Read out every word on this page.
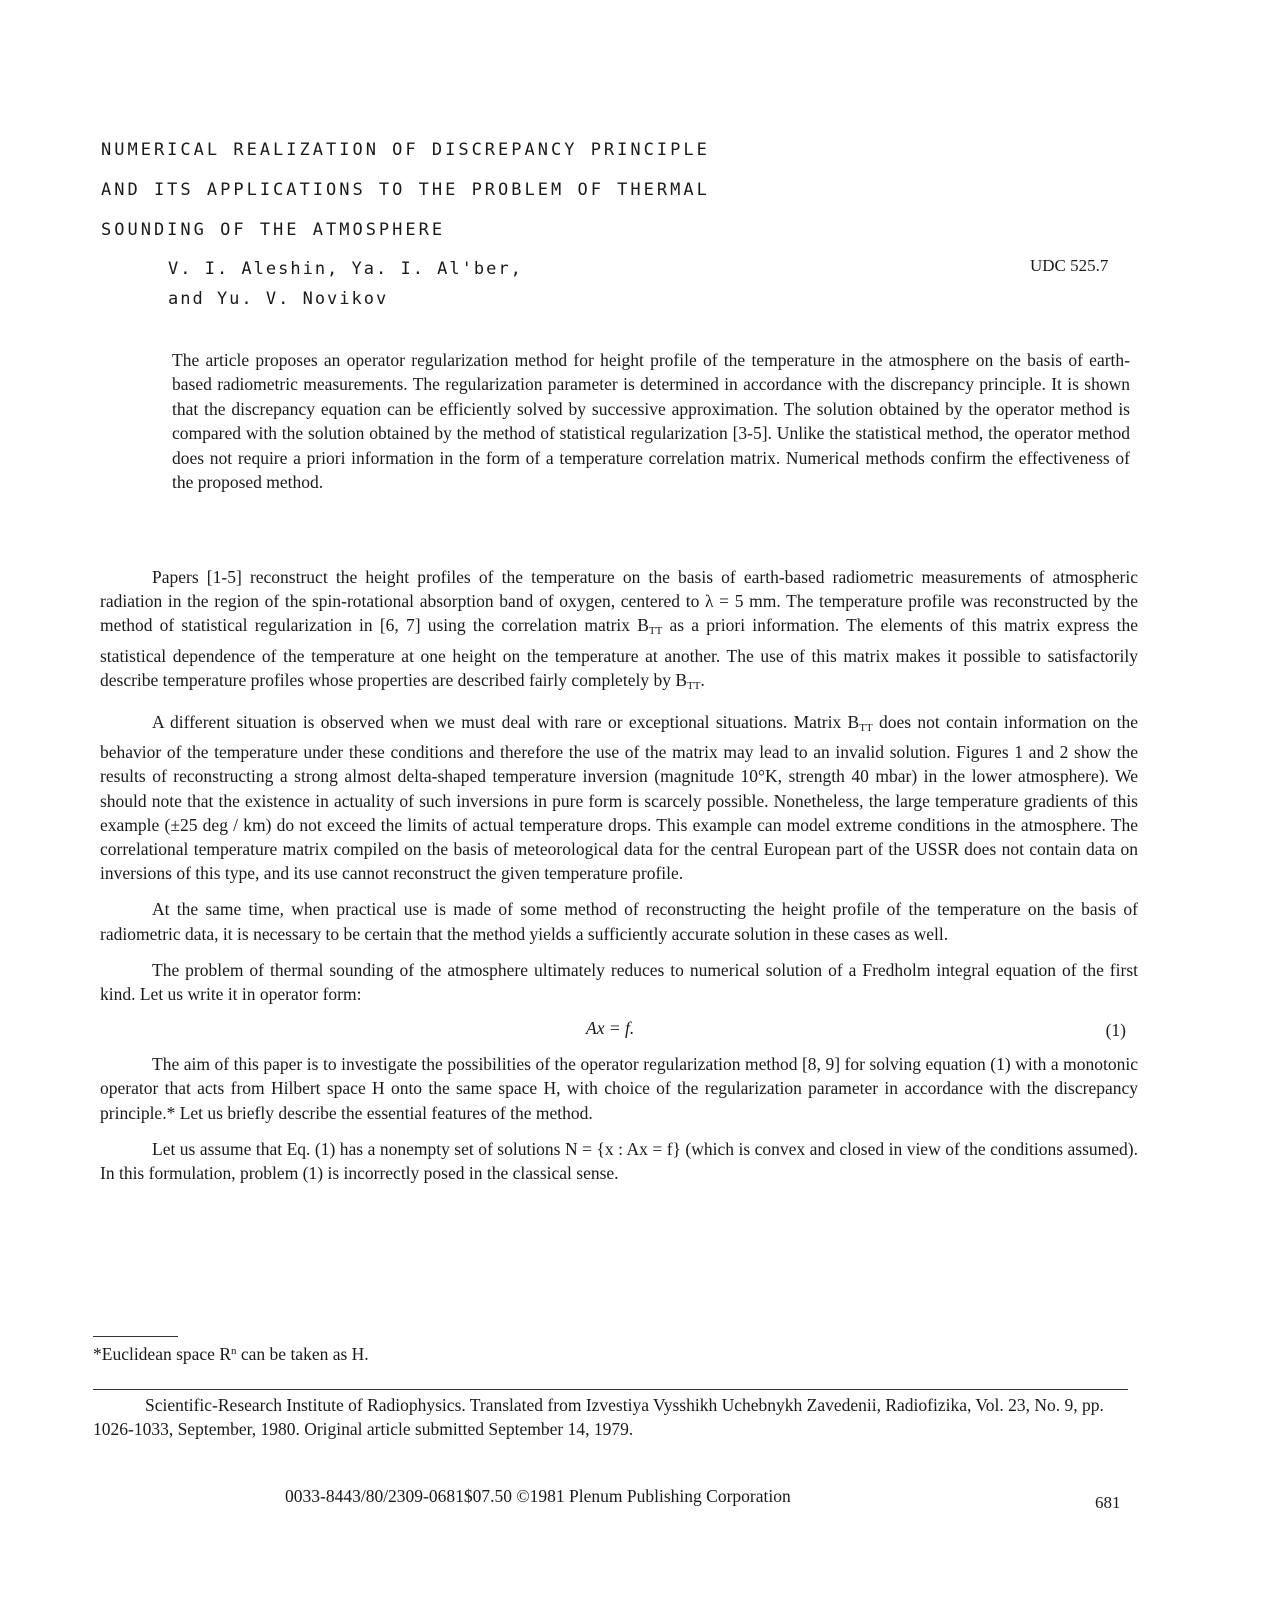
NUMERICAL REALIZATION OF DISCREPANCY PRINCIPLE
AND ITS APPLICATIONS TO THE PROBLEM OF THERMAL
SOUNDING OF THE ATMOSPHERE
V. I. Aleshin, Ya. I. Al'ber,
and Yu. V. Novikov
UDC 525.7

The article proposes an operator regularization method for height profile of the temperature in the atmosphere on the basis of earth-based radiometric measurements. The regularization parameter is determined in accordance with the discrepancy principle. It is shown that the discrepancy equation can be efficiently solved by successive approximation. The solution obtained by the operator method is compared with the solution obtained by the method of statistical regularization [3-5]. Unlike the statistical method, the operator method does not require a priori information in the form of a temperature correlation matrix. Numerical methods confirm the effectiveness of the proposed method.

Papers [1-5] reconstruct the height profiles of the temperature on the basis of earth-based radiometric measurements of atmospheric radiation in the region of the spin-rotational absorption band of oxygen, centered to λ = 5 mm. The temperature profile was reconstructed by the method of statistical regularization in [6, 7] using the correlation matrix $B_{TT}$ as a priori information. The elements of this matrix express the statistical dependence of the temperature at one height on the temperature at another. The use of this matrix makes it possible to satisfactorily describe temperature profiles whose properties are described fairly completely by $B_{TT}$.

A different situation is observed when we must deal with rare or exceptional situations. Matrix $B_{TT}$ does not contain information on the behavior of the temperature under these conditions and therefore the use of the matrix may lead to an invalid solution. Figures 1 and 2 show the results of reconstructing a strong almost delta-shaped temperature inversion (magnitude 10°K, strength 40 mbar) in the lower atmosphere). We should note that the existence in actuality of such inversions in pure form is scarcely possible. Nonetheless, the large temperature gradients of this example (±25 deg / km) do not exceed the limits of actual temperature drops. This example can model extreme conditions in the atmosphere. The correlational temperature matrix compiled on the basis of meteorological data for the central European part of the USSR does not contain data on inversions of this type, and its use cannot reconstruct the given temperature profile.

At the same time, when practical use is made of some method of reconstructing the height profile of the temperature on the basis of radiometric data, it is necessary to be certain that the method yields a sufficiently accurate solution in these cases as well.

The problem of thermal sounding of the atmosphere ultimately reduces to numerical solution of a Fredholm integral equation of the first kind. Let us write it in operator form:

Ax = f.	(1)

The aim of this paper is to investigate the possibilities of the operator regularization method [8, 9] for solving equation (1) with a monotonic operator that acts from Hilbert space H onto the same space H, with choice of the regularization parameter in accordance with the discrepancy principle.* Let us briefly describe the essential features of the method.

Let us assume that Eq. (1) has a nonempty set of solutions N = {x : Ax = f} (which is convex and closed in view of the conditions assumed). In this formulation, problem (1) is incorrectly posed in the classical sense.

*Euclidean space $R^n$ can be taken as H.

Scientific-Research Institute of Radiophysics. Translated from Izvestiya Vysshikh Uchebnykh Zavedenii, Radiofizika, Vol. 23, No. 9, pp. 1026-1033, September, 1980. Original article submitted September 14, 1979.

0033-8443/80/2309-0681$07.50 ©1981 Plenum Publishing Corporation	681
